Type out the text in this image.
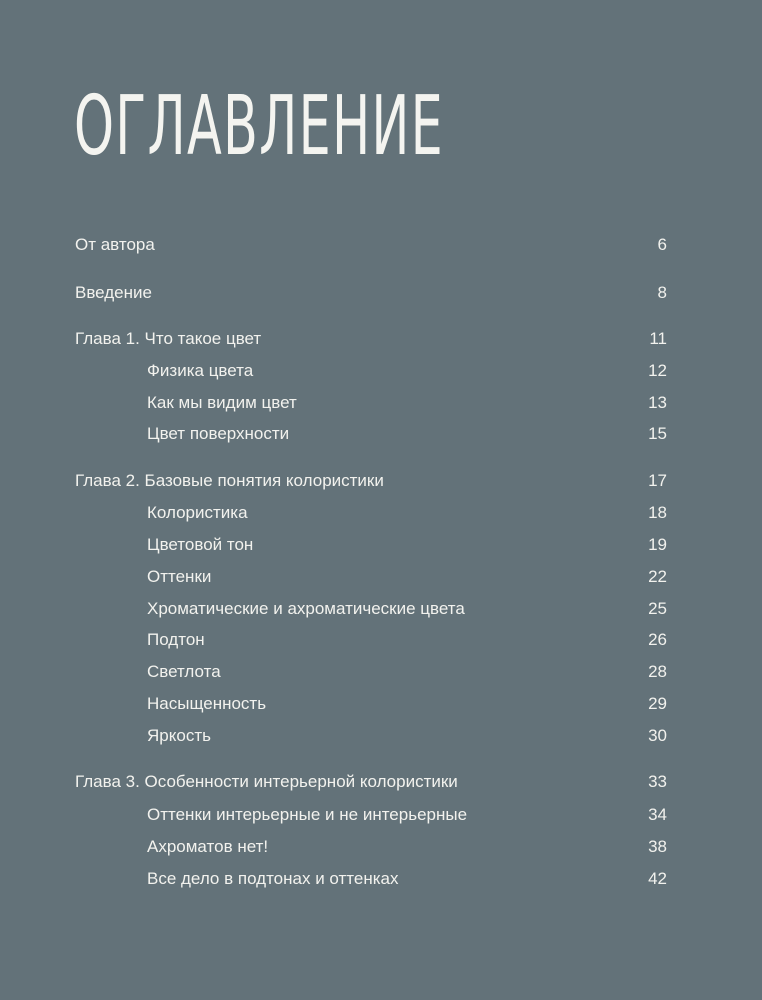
ОГЛАВЛЕНИЕ
От автора	6
Введение	8
Глава 1. Что такое цвет	11
Физика цвета	12
Как мы видим цвет	13
Цвет поверхности	15
Глава 2. Базовые понятия колористики	17
Колористика	18
Цветовой тон	19
Оттенки	22
Хроматические и ахроматические цвета	25
Подтон	26
Светлота	28
Насыщенность	29
Яркость	30
Глава 3. Особенности интерьерной колористики	33
Оттенки интерьерные и не интерьерные	34
Ахроматов нет!	38
Все дело в подтонах и оттенках	42
